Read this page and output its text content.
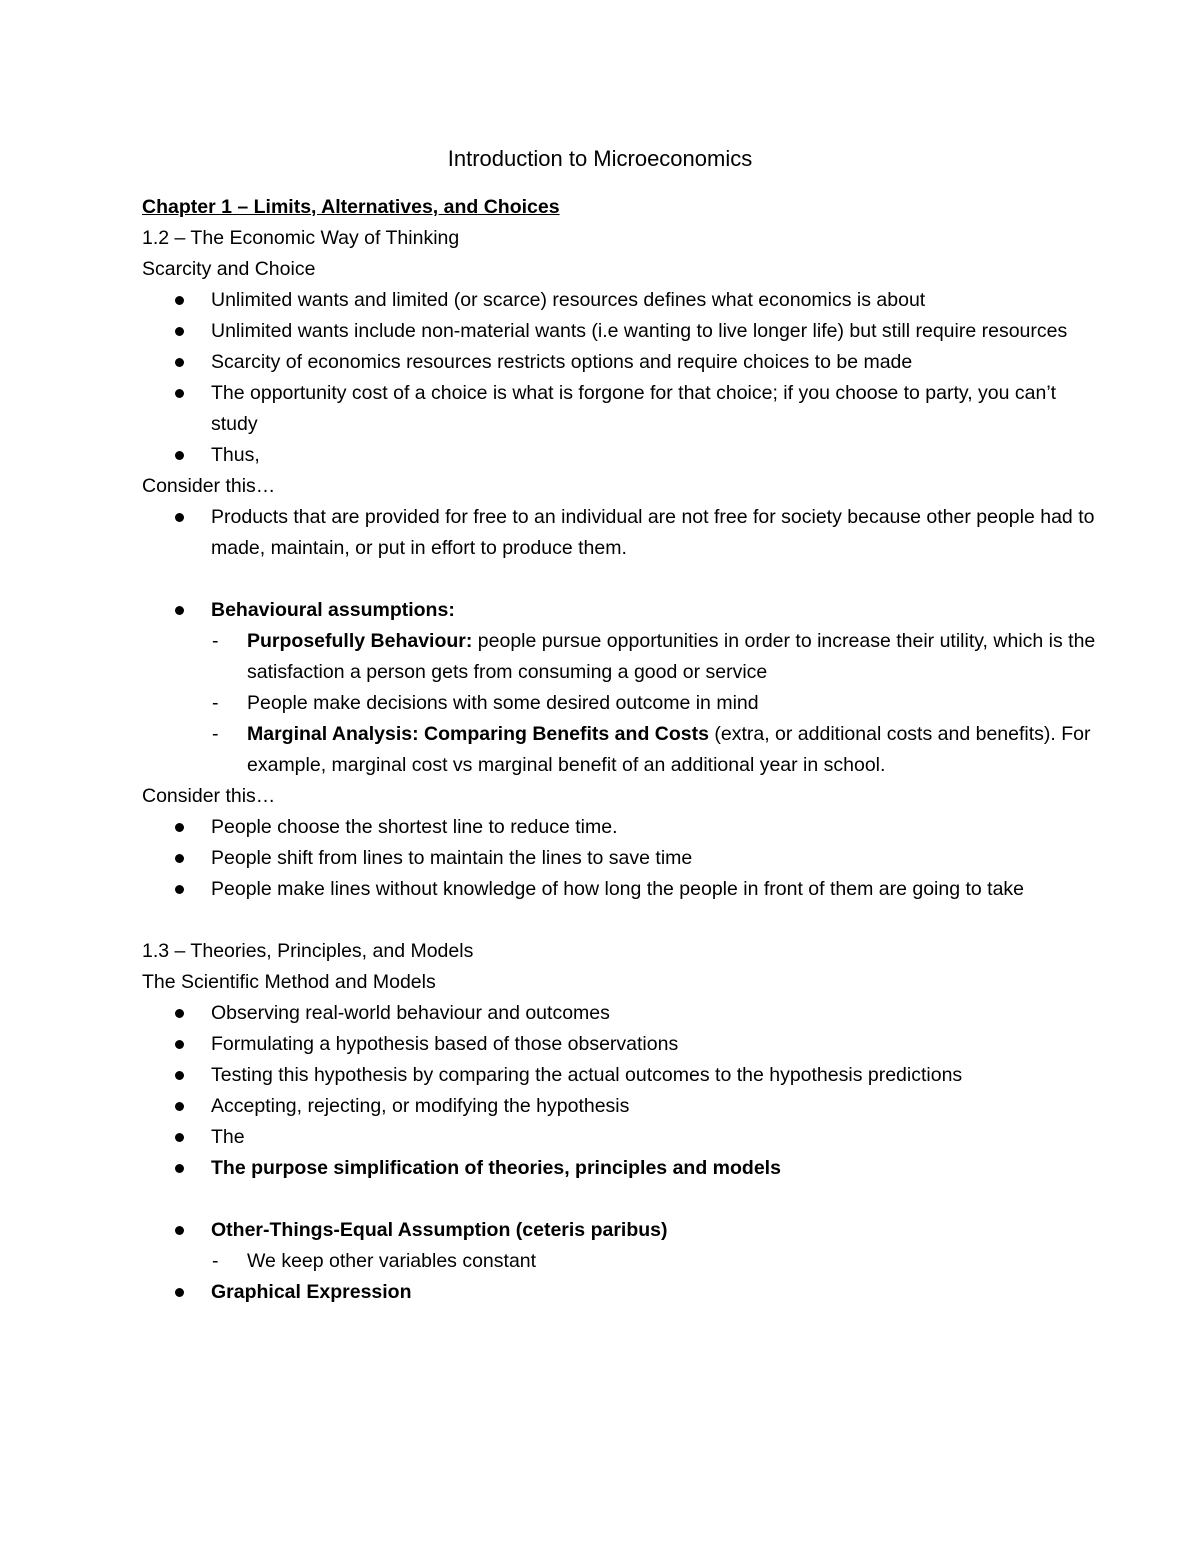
Introduction to Microeconomics

Chapter 1 – Limits, Alternatives, and Choices

1.2 – The Economic Way of Thinking

Scarcity and Choice

Unlimited wants and limited (or scarce) resources defines what economics is about
Unlimited wants include non-material wants (i.e wanting to live longer life) but still require resources
Scarcity of economics resources restricts options and require choices to be made
The opportunity cost of a choice is what is forgone for that choice; if you choose to party, you can’t study
Thus,

Consider this…

Products that are provided for free to an individual are not free for society because other people had to made, maintain, or put in effort to produce them.
Behavioural assumptions:
- Purposefully Behaviour: people pursue opportunities in order to increase their utility, which is the satisfaction a person gets from consuming a good or service
- People make decisions with some desired outcome in mind
- Marginal Analysis: Comparing Benefits and Costs (extra, or additional costs and benefits). For example, marginal cost vs marginal benefit of an additional year in school.

Consider this…

People choose the shortest line to reduce time.
People shift from lines to maintain the lines to save time
People make lines without knowledge of how long the people in front of them are going to take

1.3 – Theories, Principles, and Models

The Scientific Method and Models

Observing real-world behaviour and outcomes
Formulating a hypothesis based of those observations
Testing this hypothesis by comparing the actual outcomes to the hypothesis predictions
Accepting, rejecting, or modifying the hypothesis
The
The purpose simplification of theories, principles and models
Other-Things-Equal Assumption (ceteris paribus)
- We keep other variables constant
Graphical Expression
